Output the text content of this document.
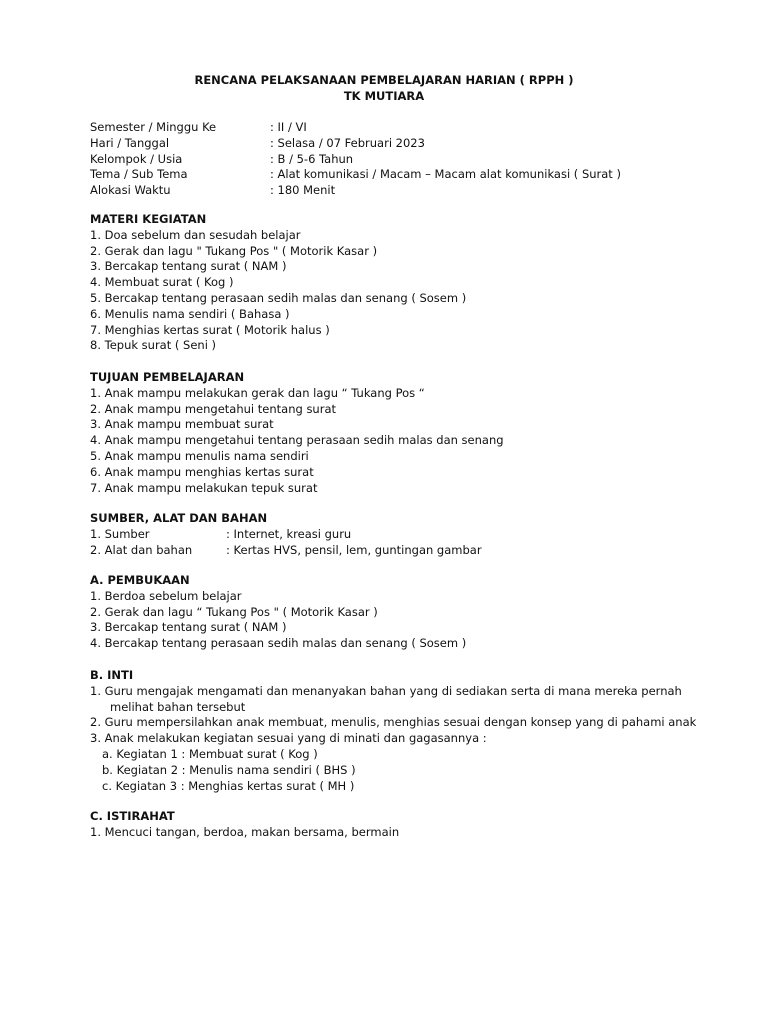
RENCANA PELAKSANAAN PEMBELAJARAN HARIAN ( RPPH )
TK MUTIARA
Semester / Minggu Ke	: II / VI
Hari / Tanggal	: Selasa / 07 Februari 2023
Kelompok / Usia	: B / 5-6 Tahun
Tema / Sub Tema	: Alat komunikasi / Macam – Macam alat komunikasi ( Surat )
Alokasi Waktu	: 180 Menit
MATERI KEGIATAN
1. Doa sebelum dan sesudah belajar
2. Gerak dan lagu " Tukang Pos " ( Motorik Kasar )
3. Bercakap tentang surat ( NAM )
4. Membuat surat ( Kog )
5. Bercakap tentang perasaan sedih malas dan senang ( Sosem )
6. Menulis nama sendiri ( Bahasa )
7. Menghias kertas surat ( Motorik halus )
8. Tepuk surat ( Seni )
TUJUAN PEMBELAJARAN
1. Anak mampu melakukan gerak dan lagu “ Tukang Pos “
2. Anak mampu mengetahui tentang surat
3. Anak mampu membuat surat
4. Anak mampu mengetahui tentang perasaan sedih malas dan senang
5. Anak mampu menulis nama sendiri
6. Anak mampu menghias kertas surat
7. Anak mampu melakukan tepuk surat
SUMBER, ALAT DAN BAHAN
1. Sumber	: Internet, kreasi guru
2. Alat dan bahan	: Kertas HVS, pensil, lem, guntingan gambar
A. PEMBUKAAN
1. Berdoa sebelum belajar
2. Gerak dan lagu “ Tukang Pos " ( Motorik Kasar )
3. Bercakap tentang surat ( NAM )
4. Bercakap tentang perasaan sedih malas dan senang ( Sosem )
B. INTI
1. Guru mengajak mengamati dan menanyakan bahan yang di sediakan serta di mana mereka pernah
melihat bahan tersebut
2. Guru mempersilahkan anak membuat, menulis, menghias sesuai dengan konsep yang di pahami anak
3. Anak melakukan kegiatan sesuai yang di minati dan gagasannya :
a. Kegiatan 1 : Membuat surat ( Kog )
b. Kegiatan 2 : Menulis nama sendiri ( BHS )
c. Kegiatan 3 : Menghias kertas surat ( MH )
C. ISTIRAHAT
1. Mencuci tangan, berdoa, makan bersama, bermain
